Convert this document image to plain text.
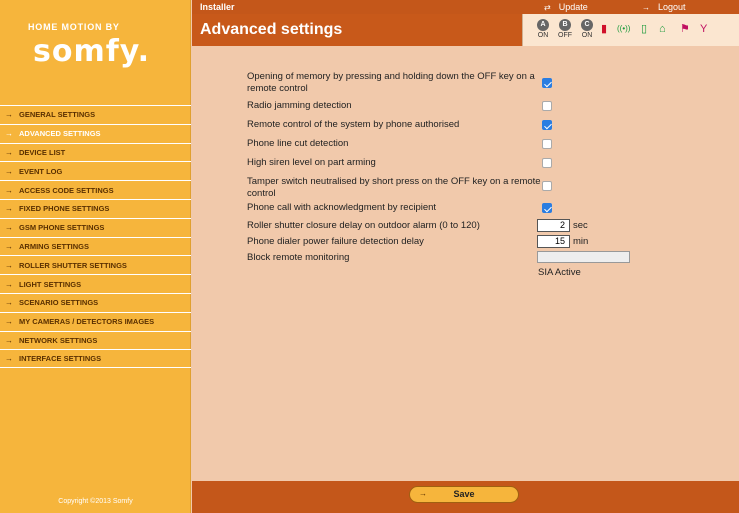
HOME MOTION BY
somfy.
→ GENERAL SETTINGS
→ ADVANCED SETTINGS
→ DEVICE LIST
→ EVENT LOG
→ ACCESS CODE SETTINGS
→ FIXED PHONE SETTINGS
→ GSM PHONE SETTINGS
→ ARMING SETTINGS
→ ROLLER SHUTTER SETTINGS
→ LIGHT SETTINGS
→ SCENARIO SETTINGS
→ MY CAMERAS / DETECTORS IMAGES
→ NETWORK SETTINGS
→ INTERFACE SETTINGS
Copyright ©2013 Somfy
Installer	⇄ Update	→ Logout
Advanced settings	A
ON
B
OFF
C
ON
▮ ((•)) ▯ ⌂ ⚑ Y
Opening of memory by pressing and holding down the OFF key on a remote control
Radio jamming detection
Remote control of the system by phone authorised
Phone line cut detection
High siren level on part arming
Tamper switch neutralised by short press on the OFF key on a remote control
Phone call with acknowledgment by recipient
Roller shutter closure delay on outdoor alarm (0 to 120)	2 sec
Phone dialer power failure detection delay	15 min
Block remote monitoring
SIA Active
→	Save
